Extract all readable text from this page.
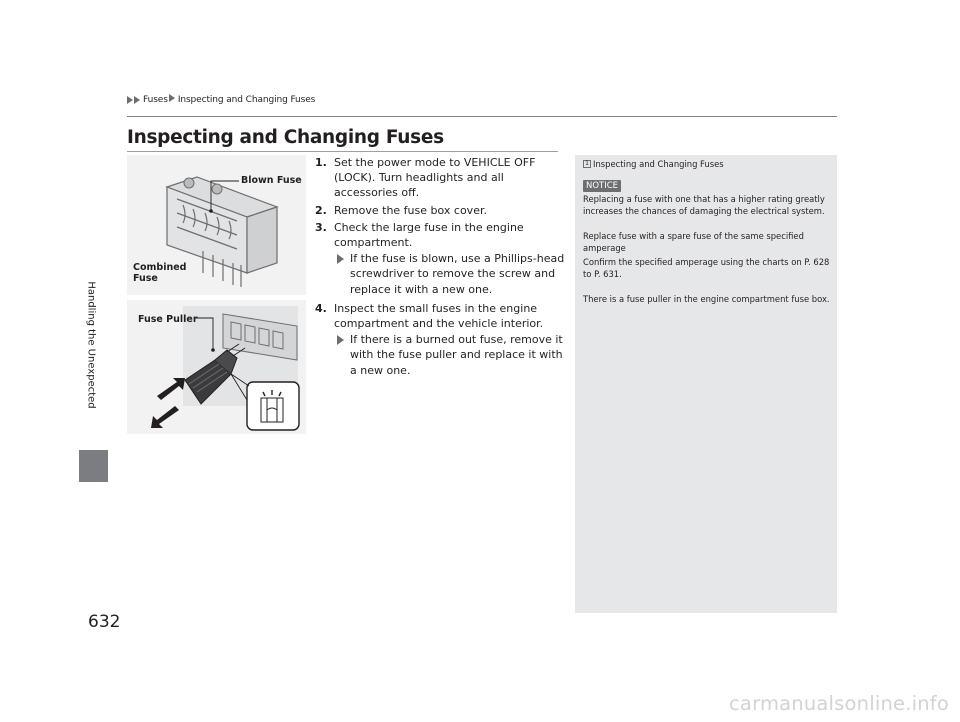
Fuses Inspecting and Changing Fuses
Inspecting and Changing Fuses
Handling the Unexpected
Blown Fuse
Combined
Fuse
Fuse Puller
1. Set the power mode to VEHICLE OFF (LOCK). Turn headlights and all accessories off.
2. Remove the fuse box cover.
3. Check the large fuse in the engine compartment.
If the fuse is blown, use a Phillips-head screwdriver to remove the screw and replace it with a new one.
4. Inspect the small fuses in the engine compartment and the vehicle interior.
If there is a burned out fuse, remove it with the fuse puller and replace it with a new one.
1 Inspecting and Changing Fuses
NOTICE

Replacing a fuse with one that has a higher rating greatly increases the chances of damaging the electrical system.

Replace fuse with a spare fuse of the same specified amperage

Confirm the specified amperage using the charts on P. 628 to P. 631.

There is a fuse puller in the engine compartment fuse box.

632
carmanualsonline.info
